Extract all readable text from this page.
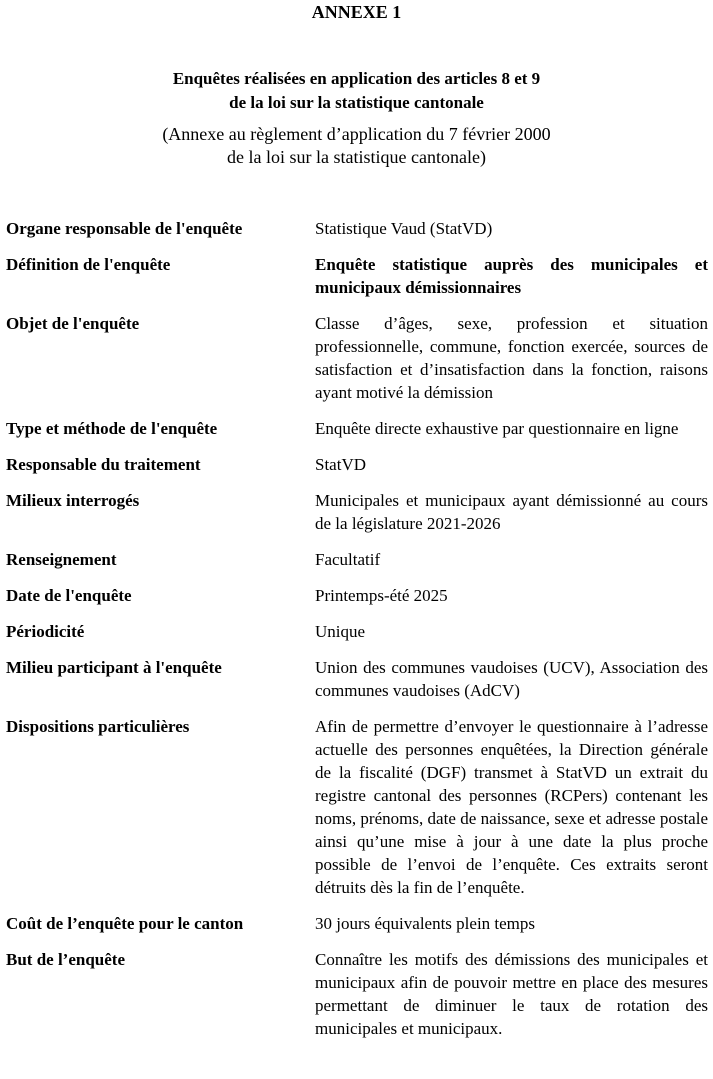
ANNEXE 1
Enquêtes réalisées en application des articles 8 et 9
de la loi sur la statistique cantonale
(Annexe au règlement d’application du 7 février 2000
de la loi sur la statistique cantonale)
Organe responsable de l'enquête	Statistique Vaud (StatVD)
Définition de l'enquête	Enquête statistique auprès des municipales et municipaux démissionnaires
Objet de l'enquête	Classe d’âges, sexe, profession et situation professionnelle, commune, fonction exercée, sources de satisfaction et d’insatisfaction dans la fonction, raisons ayant motivé la démission
Type et méthode de l'enquête	Enquête directe exhaustive par questionnaire en ligne
Responsable du traitement	StatVD
Milieux interrogés	Municipales et municipaux ayant démissionné au cours de la législature 2021-2026
Renseignement	Facultatif
Date de l'enquête	Printemps-été 2025
Périodicité	Unique
Milieu participant à l'enquête	Union des communes vaudoises (UCV), Association des communes vaudoises (AdCV)
Dispositions particulières	Afin de permettre d’envoyer le questionnaire à l’adresse actuelle des personnes enquêtées, la Direction générale de la fiscalité (DGF) transmet à StatVD un extrait du registre cantonal des personnes (RCPers) contenant les noms, prénoms, date de naissance, sexe et adresse postale ainsi qu’une mise à jour à une date la plus proche possible de l’envoi de l’enquête. Ces extraits seront détruits dès la fin de l’enquête.
Coût de l’enquête pour le canton	30 jours équivalents plein temps
But de l’enquête	Connaître les motifs des démissions des municipales et municipaux afin de pouvoir mettre en place des mesures permettant de diminuer le taux de rotation des municipales et municipaux.
